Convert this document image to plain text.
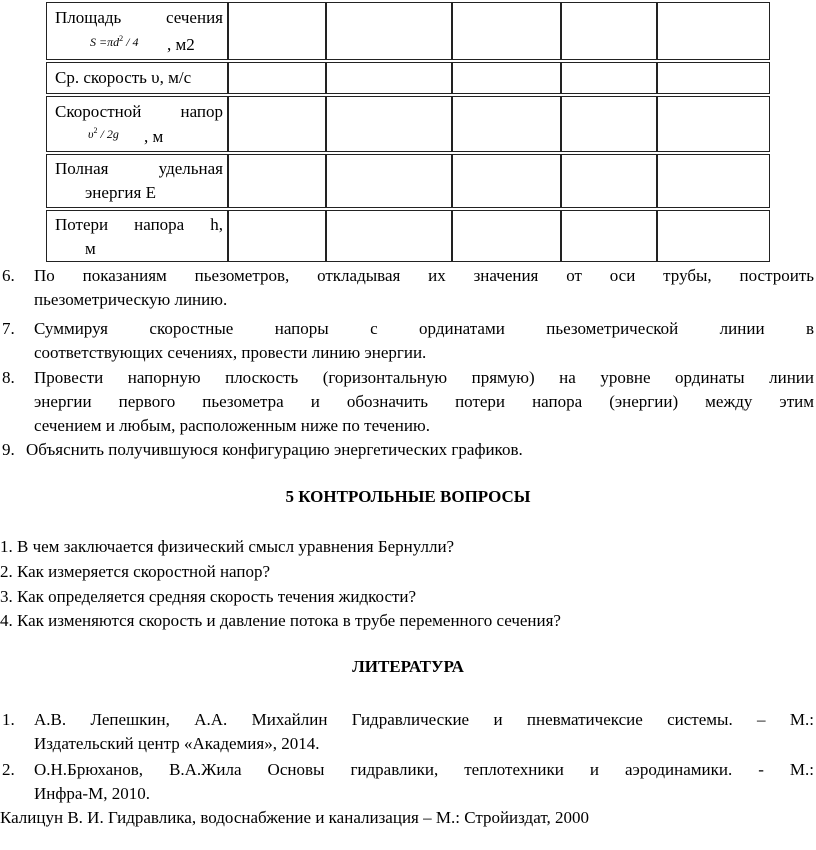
Площадь сечения
$S =\pi d^2 / 4$ , м2
Ср. скорость υ, м/с
Скоростной напор
$\upsilon^2 / 2g$ , м
Полная удельная
энергия E
Потери напора h,
м
6. По показаниям пьезометров, откладывая их значения от оси трубы, построить
пьезометрическую линию.
7. Суммируя скоростные напоры с ординатами пьезометрической линии в
соответствующих сечениях, провести линию энергии.
8. Провести напорную плоскость (горизонтальную прямую) на уровне ординаты линии
энергии первого пьезометра и обозначить потери напора (энергии) между этим
сечением и любым, расположенным ниже по течению.
9. Объяснить получившуюся конфигурацию энергетических графиков.
5 КОНТРОЛЬНЫЕ ВОПРОСЫ
1. В чем заключается физический смысл уравнения Бернулли?
2. Как измеряется скоростной напор?
3. Как определяется средняя скорость течения жидкости?
4. Как изменяются скорость и давление потока в трубе переменного сечения?
ЛИТЕРАТУРА
1. А.В. Лепешкин, А.А. Михайлин Гидравлические и пневматичексие системы. – М.:
Издательский центр «Академия», 2014.
2. О.Н.Брюханов, В.А.Жила Основы гидравлики, теплотехники и аэродинамики. - М.:
Инфра-М, 2010.
Калицун В. И. Гидравлика, водоснабжение и канализация – М.: Стройиздат, 2000
